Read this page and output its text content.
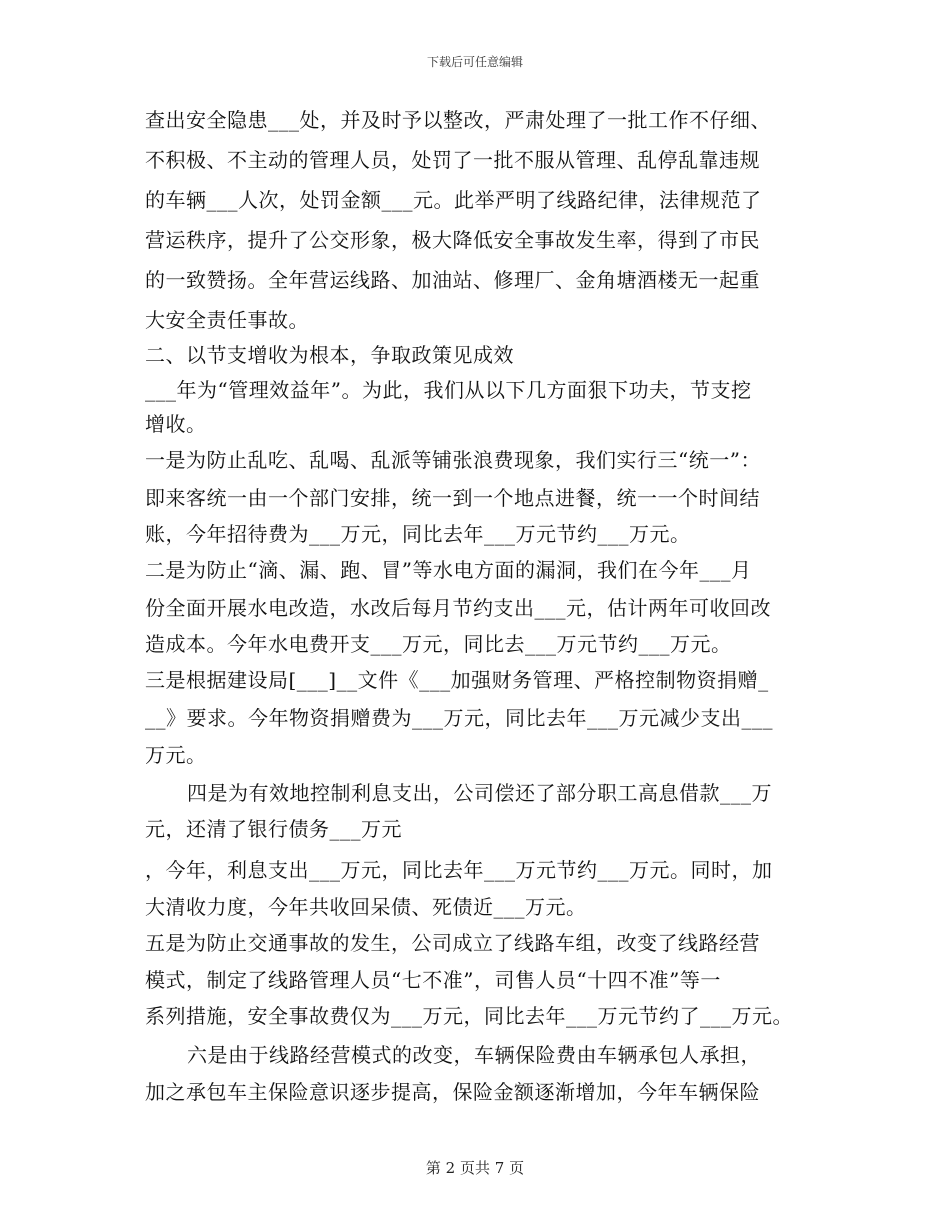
下载后可任意编辑
查出安全隐患___处，并及时予以整改，严肃处理了一批工作不仔细、
不积极、不主动的管理人员，处罚了一批不服从管理、乱停乱靠违规
的车辆___人次，处罚金额___元。此举严明了线路纪律，法律规范了
营运秩序，提升了公交形象，极大降低安全事故发生率，得到了市民
的一致赞扬。全年营运线路、加油站、修理厂、金角塘酒楼无一起重
大安全责任事故。
二、以节支增收为根本，争取政策见成效
___年为“管理效益年”。为此，我们从以下几方面狠下功夫，节支挖
增收。
一是为防止乱吃、乱喝、乱派等铺张浪费现象，我们实行三“统一”：
即来客统一由一个部门安排，统一到一个地点进餐，统一一个时间结
账，今年招待费为___万元，同比去年___万元节约___万元。
二是为防止“滴、漏、跑、冒”等水电方面的漏洞，我们在今年___月
份全面开展水电改造，水改后每月节约支出___元，估计两年可收回改
造成本。今年水电费开支___万元，同比去___万元节约___万元。
三是根据建设局[___]__文件《___加强财务管理、严格控制物资捐赠_
__》要求。今年物资捐赠费为___万元，同比去年___万元减少支出___
万元。
四是为有效地控制利息支出，公司偿还了部分职工高息借款___万
元，还清了银行债务___万元
，今年，利息支出___万元，同比去年___万元节约___万元。同时，加
大清收力度，今年共收回呆债、死债近___万元。
五是为防止交通事故的发生，公司成立了线路车组，改变了线路经营
模式，制定了线路管理人员“七不准”，司售人员“十四不准”等一
系列措施，安全事故费仅为___万元，同比去年___万元节约了___万元。
六是由于线路经营模式的改变，车辆保险费由车辆承包人承担，
加之承包车主保险意识逐步提高，保险金额逐渐增加，今年车辆保险
第 2 页共 7 页
